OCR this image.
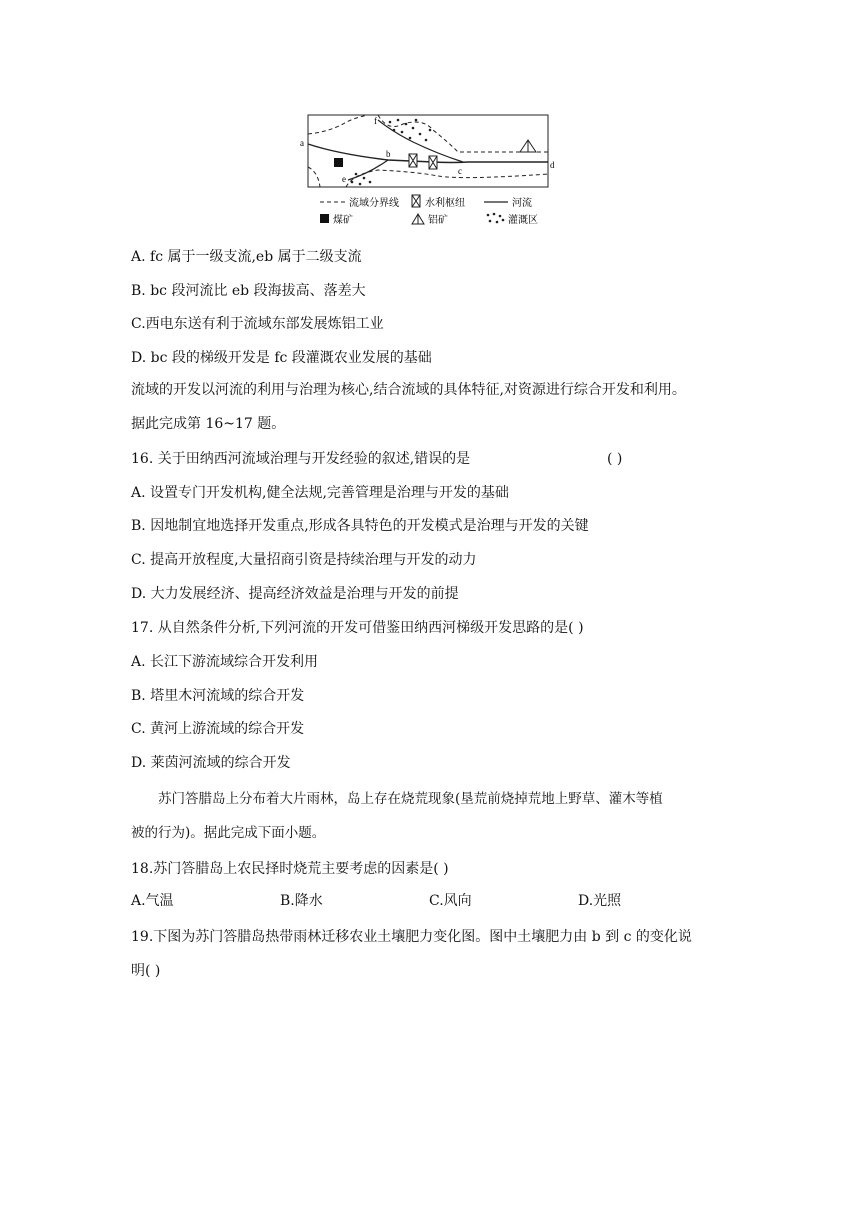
a
b
c
d
e
f
流域分界线	水利枢纽	河流
煤矿	铝矿	灌溉区
A. fc 属于一级支流,eb 属于二级支流
B. bc 段河流比 eb 段海拔高、落差大
C.西电东送有利于流域东部发展炼铝工业
D. bc 段的梯级开发是 fc 段灌溉农业发展的基础
流域的开发以河流的利用与治理为核心,结合流域的具体特征,对资源进行综合开发和利用。
据此完成第 16~17 题。
16. 关于田纳西河流域治理与开发经验的叙述,错误的是	( )
A. 设置专门开发机构,健全法规,完善管理是治理与开发的基础
B. 因地制宜地选择开发重点,形成各具特色的开发模式是治理与开发的关键
C. 提高开放程度,大量招商引资是持续治理与开发的动力
D. 大力发展经济、提高经济效益是治理与开发的前提
17. 从自然条件分析,下列河流的开发可借鉴田纳西河梯级开发思路的是( )
A. 长江下游流域综合开发利用
B. 塔里木河流域的综合开发
C. 黄河上游流域的综合开发
D. 莱茵河流域的综合开发
苏门答腊岛上分布着大片雨林，岛上存在烧荒现象(垦荒前烧掉荒地上野草、灌木等植
被的行为)。据此完成下面小题。
18.苏门答腊岛上农民择时烧荒主要考虑的因素是( )
A.气温	B.降水	C.风向	D.光照
19.下图为苏门答腊岛热带雨林迁移农业土壤肥力变化图。图中土壤肥力由 b 到 c 的变化说
明( )
